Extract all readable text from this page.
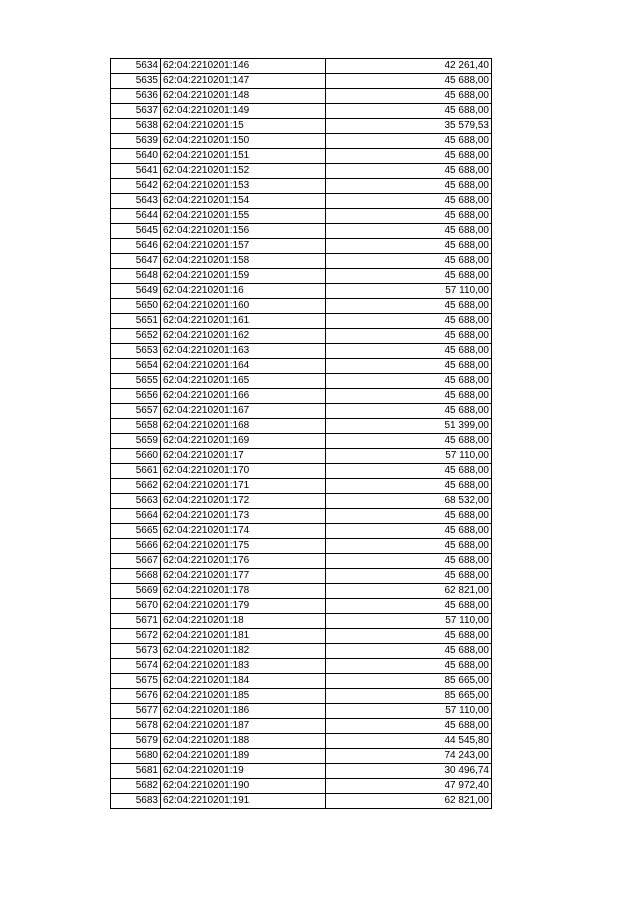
5634	62:04:2210201:146	42 261,40
5635	62:04:2210201:147	45 688,00
5636	62:04:2210201:148	45 688,00
5637	62:04:2210201:149	45 688,00
5638	62:04:2210201:15	35 579,53
5639	62:04:2210201:150	45 688,00
5640	62:04:2210201:151	45 688,00
5641	62:04:2210201:152	45 688,00
5642	62:04:2210201:153	45 688,00
5643	62:04:2210201:154	45 688,00
5644	62:04:2210201:155	45 688,00
5645	62:04:2210201:156	45 688,00
5646	62:04:2210201:157	45 688,00
5647	62:04:2210201:158	45 688,00
5648	62:04:2210201:159	45 688,00
5649	62:04:2210201:16	57 110,00
5650	62:04:2210201:160	45 688,00
5651	62:04:2210201:161	45 688,00
5652	62:04:2210201:162	45 688,00
5653	62:04:2210201:163	45 688,00
5654	62:04:2210201:164	45 688,00
5655	62:04:2210201:165	45 688,00
5656	62:04:2210201:166	45 688,00
5657	62:04:2210201:167	45 688,00
5658	62:04:2210201:168	51 399,00
5659	62:04:2210201:169	45 688,00
5660	62:04:2210201:17	57 110,00
5661	62:04:2210201:170	45 688,00
5662	62:04:2210201:171	45 688,00
5663	62:04:2210201:172	68 532,00
5664	62:04:2210201:173	45 688,00
5665	62:04:2210201:174	45 688,00
5666	62:04:2210201:175	45 688,00
5667	62:04:2210201:176	45 688,00
5668	62:04:2210201:177	45 688,00
5669	62:04:2210201:178	62 821,00
5670	62:04:2210201:179	45 688,00
5671	62:04:2210201:18	57 110,00
5672	62:04:2210201:181	45 688,00
5673	62:04:2210201:182	45 688,00
5674	62:04:2210201:183	45 688,00
5675	62:04:2210201:184	85 665,00
5676	62:04:2210201:185	85 665,00
5677	62:04:2210201:186	57 110,00
5678	62:04:2210201:187	45 688,00
5679	62:04:2210201:188	44 545,80
5680	62:04:2210201:189	74 243,00
5681	62:04:2210201:19	30 496,74
5682	62:04:2210201:190	47 972,40
5683	62:04:2210201:191	62 821,00
